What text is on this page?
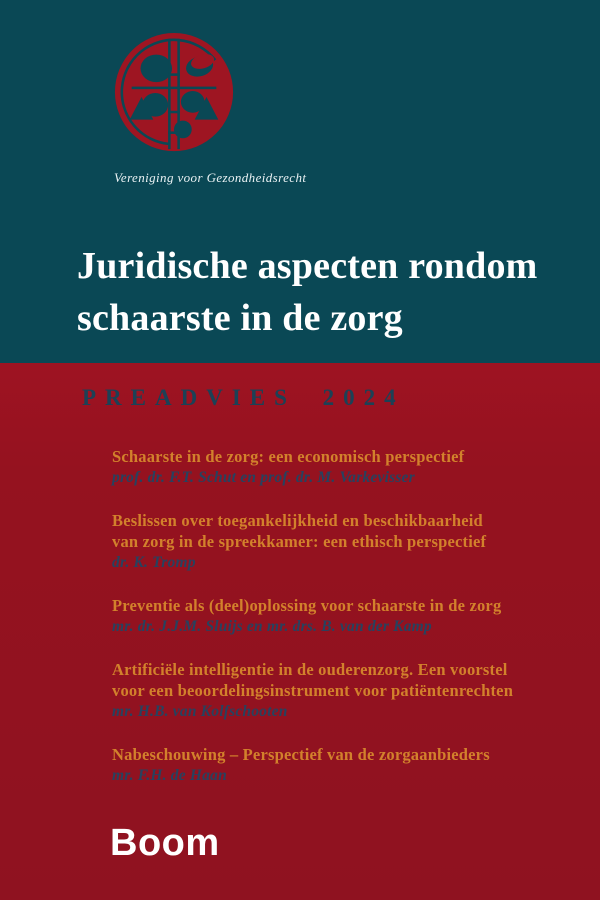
Vereniging voor Gezondheidsrecht
Juridische aspecten rondom
schaarste in de zorg
PREADVIES 2024
Schaarste in de zorg: een economisch perspectief
prof. dr. F.T. Schut en prof. dr. M. Varkevisser
Beslissen over toegankelijkheid en beschikbaarheid
van zorg in de spreekkamer: een ethisch perspectief
dr. K. Tromp
Preventie als (deel)oplossing voor schaarste in de zorg
mr. dr. J.J.M. Sluijs en mr. drs. B. van der Kamp
Artificiële intelligentie in de ouderenzorg. Een voorstel
voor een beoordelingsinstrument voor patiëntenrechten
mr. H.B. van Kolfschooten
Nabeschouwing – Perspectief van de zorgaanbieders
mr. F.H. de Haan
Boom
